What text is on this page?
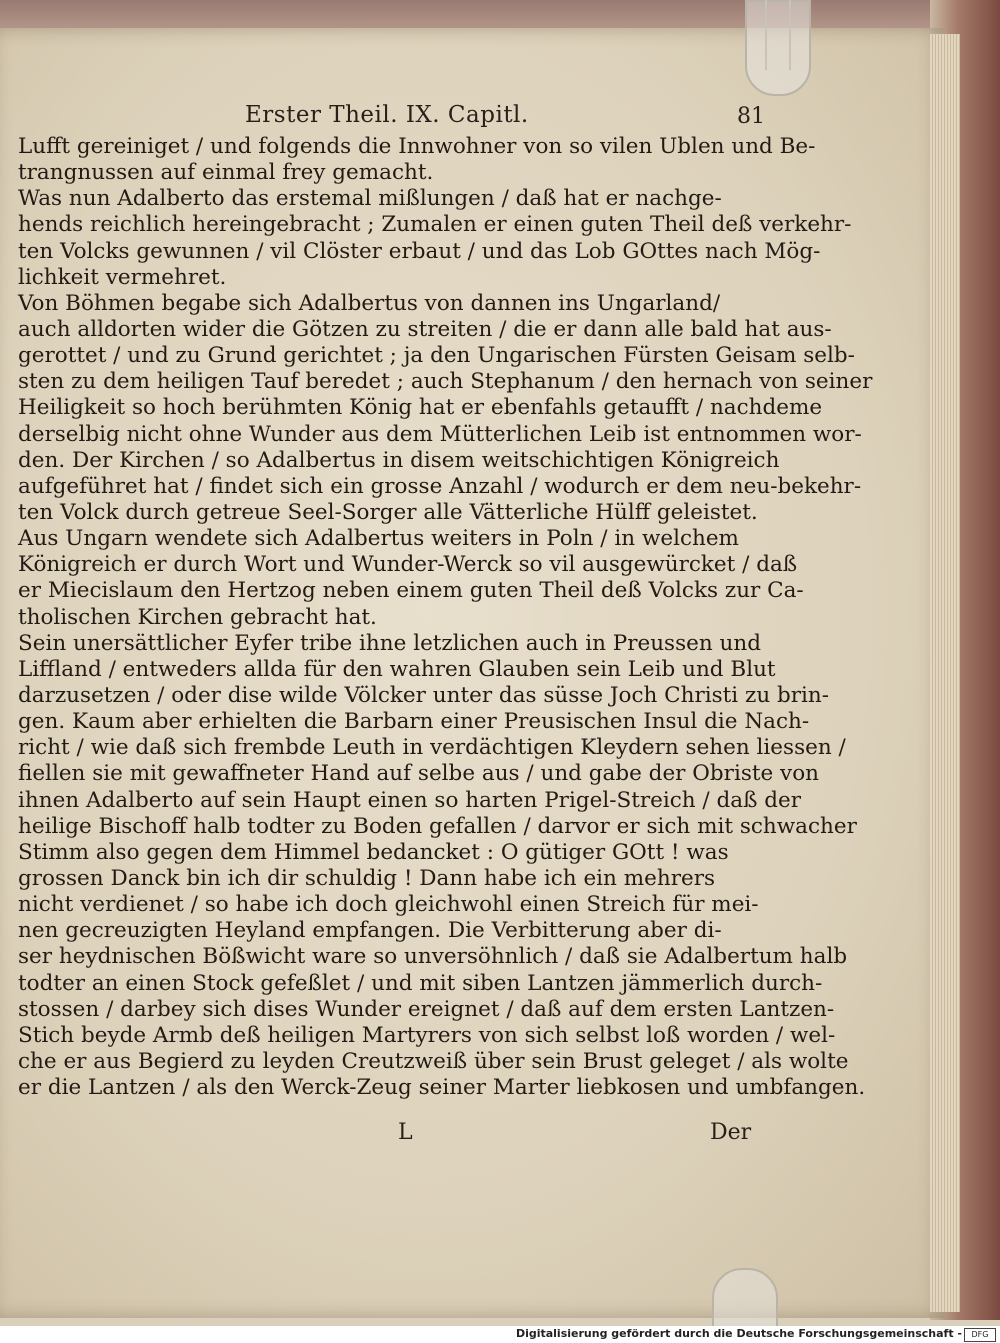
Erster Theil. IX. Capitl.	81
Lufft gereiniget / und folgends die Innwohner von so vilen Ublen und Be-
trangnussen auf einmal frey gemacht.
Was nun Adalberto das erstemal mißlungen / daß hat er nachge-
hends reichlich hereingebracht ; Zumalen er einen guten Theil deß verkehr-
ten Volcks gewunnen / vil Clöster erbaut / und das Lob GOttes nach Mög-
lichkeit vermehret.
Von Böhmen begabe sich Adalbertus von dannen ins Ungarland/
auch alldorten wider die Götzen zu streiten / die er dann alle bald hat aus-
gerottet / und zu Grund gerichtet ; ja den Ungarischen Fürsten Geisam selb-
sten zu dem heiligen Tauf beredet ; auch Stephanum / den hernach von seiner
Heiligkeit so hoch berühmten König hat er ebenfahls getaufft / nachdeme
derselbig nicht ohne Wunder aus dem Mütterlichen Leib ist entnommen wor-
den. Der Kirchen / so Adalbertus in disem weitschichtigen Königreich
aufgeführet hat / findet sich ein grosse Anzahl / wodurch er dem neu-bekehr-
ten Volck durch getreue Seel-Sorger alle Vätterliche Hülff geleistet.
Aus Ungarn wendete sich Adalbertus weiters in Poln / in welchem
Königreich er durch Wort und Wunder-Werck so vil ausgewürcket / daß
er Miecislaum den Hertzog neben einem guten Theil deß Volcks zur Ca-
tholischen Kirchen gebracht hat.
Sein unersättlicher Eyfer tribe ihne letzlichen auch in Preussen und
Liffland / entweders allda für den wahren Glauben sein Leib und Blut
darzusetzen / oder dise wilde Völcker unter das süsse Joch Christi zu brin-
gen. Kaum aber erhielten die Barbarn einer Preusischen Insul die Nach-
richt / wie daß sich frembde Leuth in verdächtigen Kleydern sehen liessen /
fiellen sie mit gewaffneter Hand auf selbe aus / und gabe der Obriste von
ihnen Adalberto auf sein Haupt einen so harten Prigel-Streich / daß der
heilige Bischoff halb todter zu Boden gefallen / darvor er sich mit schwacher
Stimm also gegen dem Himmel bedancket : O gütiger GOtt ! was
grossen Danck bin ich dir schuldig ! Dann habe ich ein mehrers
nicht verdienet / so habe ich doch gleichwohl einen Streich für mei-
nen gecreuzigten Heyland empfangen. Die Verbitterung aber di-
ser heydnischen Bößwicht ware so unversöhnlich / daß sie Adalbertum halb
todter an einen Stock gefeßlet / und mit siben Lantzen jämmerlich durch-
stossen / darbey sich dises Wunder ereignet / daß auf dem ersten Lantzen-
Stich beyde Armb deß heiligen Martyrers von sich selbst loß worden / wel-
che er aus Begierd zu leyden Creutzweiß über sein Brust geleget / als wolte
er die Lantzen / als den Werck-Zeug seiner Marter liebkosen und umbfangen.
L	Der
Digitalisierung gefördert durch die Deutsche Forschungsgemeinschaft -	DFG
